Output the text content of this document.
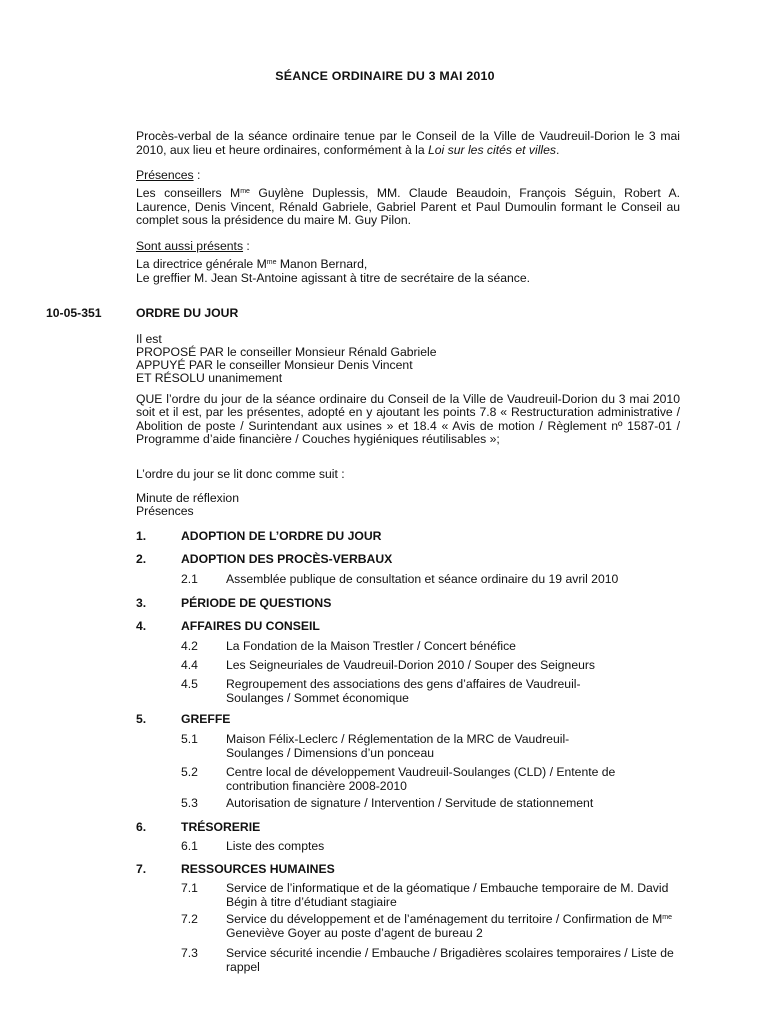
SÉANCE ORDINAIRE DU 3 MAI 2010

Procès-verbal de la séance ordinaire tenue par le Conseil de la Ville de Vaudreuil-Dorion le 3 mai 2010, aux lieu et heure ordinaires, conformément à la Loi sur les cités et villes.

Présences :

Les conseillers $M^{me}$ Guylène Duplessis, MM. Claude Beaudoin, François Séguin, Robert A. Laurence, Denis Vincent, Rénald Gabriele, Gabriel Parent et Paul Dumoulin formant le Conseil au complet sous la présidence du maire M. Guy Pilon.

Sont aussi présents :

La directrice générale $M^{me}$ Manon Bernard,

Le greffier M. Jean St-Antoine agissant à titre de secrétaire de la séance.

10-05-351	ORDRE DU JOUR

Il est

PROPOSÉ PAR le conseiller Monsieur Rénald Gabriele

APPUYÉ PAR le conseiller Monsieur Denis Vincent

ET RÉSOLU unanimement

QUE l’ordre du jour de la séance ordinaire du Conseil de la Ville de Vaudreuil-Dorion du 3 mai 2010 soit et il est, par les présentes, adopté en y ajoutant les points 7.8 « Restructuration administrative / Abolition de poste / Surintendant aux usines » et 18.4 « Avis de motion / Règlement nº 1587-01 / Programme d’aide financière / Couches hygiéniques réutilisables »;

L’ordre du jour se lit donc comme suit :

Minute de réflexion

Présences

1.	ADOPTION DE L’ORDRE DU JOUR
2.	ADOPTION DES PROCÈS-VERBAUX
2.1 Assemblée publique de consultation et séance ordinaire du 19 avril 2010
3.	PÉRIODE DE QUESTIONS
4.	AFFAIRES DU CONSEIL
4.2 La Fondation de la Maison Trestler / Concert bénéfice
4.4 Les Seigneuriales de Vaudreuil-Dorion 2010 / Souper des Seigneurs
4.5 Regroupement des associations des gens d’affaires de Vaudreuil-Soulanges / Sommet économique
5.	GREFFE
5.1 Maison Félix-Leclerc / Réglementation de la MRC de Vaudreuil-Soulanges / Dimensions d’un ponceau
5.2 Centre local de développement Vaudreuil-Soulanges (CLD) / Entente de contribution financière 2008-2010
5.3 Autorisation de signature / Intervention / Servitude de stationnement
6.	TRÉSORERIE
6.1 Liste des comptes
7.	RESSOURCES HUMAINES
7.1 Service de l’informatique et de la géomatique / Embauche temporaire de M. David Bégin à titre d’étudiant stagiaire
7.2 Service du développement et de l’aménagement du territoire / Confirmation de $M^{me}$ Geneviève Goyer au poste d’agent de bureau 2
7.3 Service sécurité incendie / Embauche / Brigadières scolaires temporaires / Liste de rappel
